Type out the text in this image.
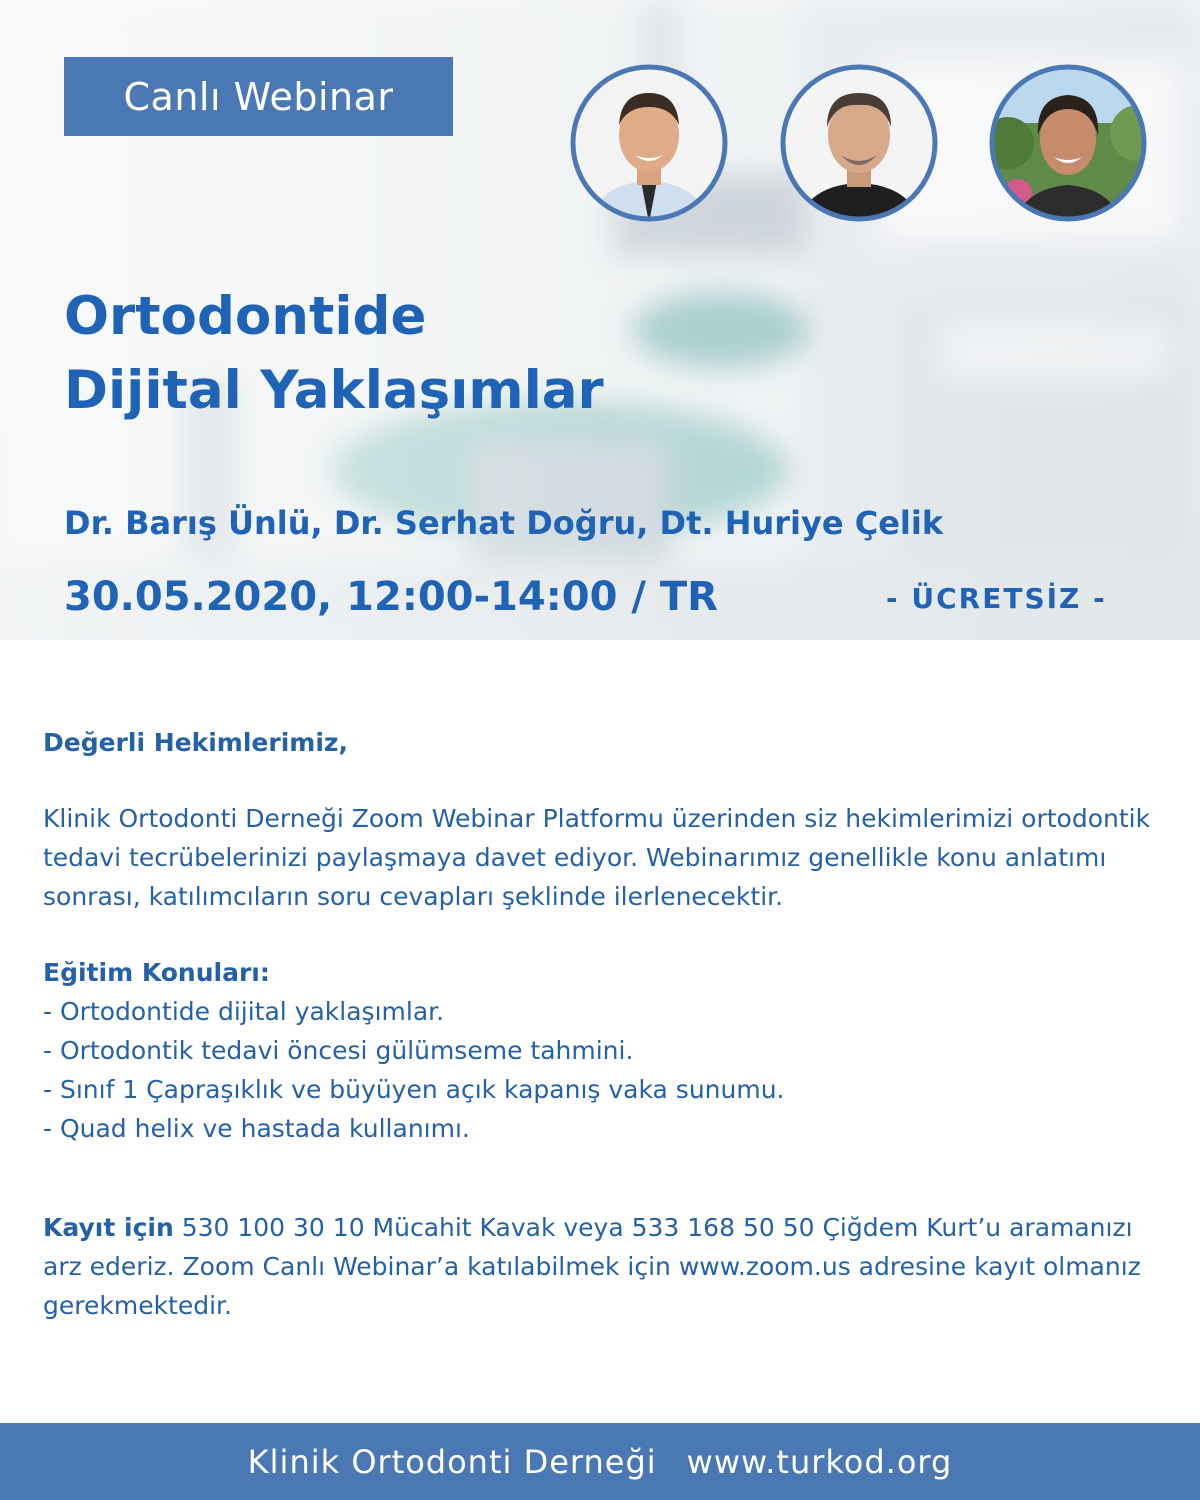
Canlı Webinar
Ortodontide
Dijital Yaklaşımlar
Dr. Barış Ünlü, Dr. Serhat Doğru, Dt. Huriye Çelik
30.05.2020, 12:00-14:00 / TR	- ÜCRETSİZ -

Değerli Hekimlerimiz,

Klinik Ortodonti Derneği Zoom Webinar Platformu üzerinden siz hekimlerimizi ortodontik tedavi tecrübelerinizi paylaşmaya davet ediyor. Webinarımız genellikle konu anlatımı sonrası, katılımcıların soru cevapları şeklinde ilerlenecektir.

Eğitim Konuları:

- Ortodontide dijital yaklaşımlar.
- Ortodontik tedavi öncesi gülümseme tahmini.
- Sınıf 1 Çapraşıklık ve büyüyen açık kapanış vaka sunumu.
- Quad helix ve hastada kullanımı.

Kayıt için 530 100 30 10 Mücahit Kavak veya 533 168 50 50 Çiğdem Kurt’u aramanızı arz ederiz. Zoom Canlı Webinar’a katılabilmek için www.zoom.us adresine kayıt olmanız gerekmektedir.

Klinik Ortodonti Derneği www.turkod.org
